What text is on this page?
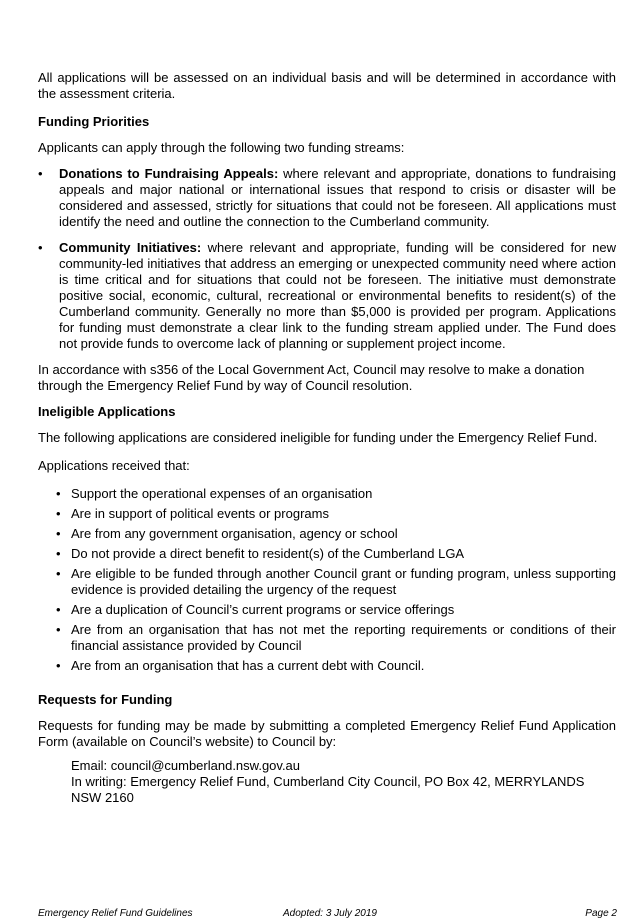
All applications will be assessed on an individual basis and will be determined in accordance with the assessment criteria.

Funding Priorities

Applicants can apply through the following two funding streams:

• Donations to Fundraising Appeals: where relevant and appropriate, donations to fundraising appeals and major national or international issues that respond to crisis or disaster will be considered and assessed, strictly for situations that could not be foreseen. All applications must identify the need and outline the connection to the Cumberland community.
• Community Initiatives: where relevant and appropriate, funding will be considered for new community-led initiatives that address an emerging or unexpected community need where action is time critical and for situations that could not be foreseen. The initiative must demonstrate positive social, economic, cultural, recreational or environmental benefits to resident(s) of the Cumberland community. Generally no more than $5,000 is provided per program. Applications for funding must demonstrate a clear link to the funding stream applied under. The Fund does not provide funds to overcome lack of planning or supplement project income.

In accordance with s356 of the Local Government Act, Council may resolve to make a donation through the Emergency Relief Fund by way of Council resolution.

Ineligible Applications

The following applications are considered ineligible for funding under the Emergency Relief Fund.

Applications received that:

• Support the operational expenses of an organisation
• Are in support of political events or programs
• Are from any government organisation, agency or school
• Do not provide a direct benefit to resident(s) of the Cumberland LGA
• Are eligible to be funded through another Council grant or funding program, unless supporting evidence is provided detailing the urgency of the request
• Are a duplication of Council’s current programs or service offerings
• Are from an organisation that has not met the reporting requirements or conditions of their financial assistance provided by Council
• Are from an organisation that has a current debt with Council.
Requests for Funding

Requests for funding may be made by submitting a completed Emergency Relief Fund Application Form (available on Council’s website) to Council by:

Email: council@cumberland.nsw.gov.au

In writing: Emergency Relief Fund, Cumberland City Council, PO Box 42, MERRYLANDS NSW 2160

Emergency Relief Fund Guidelines	Adopted: 3 July 2019	Page 2
